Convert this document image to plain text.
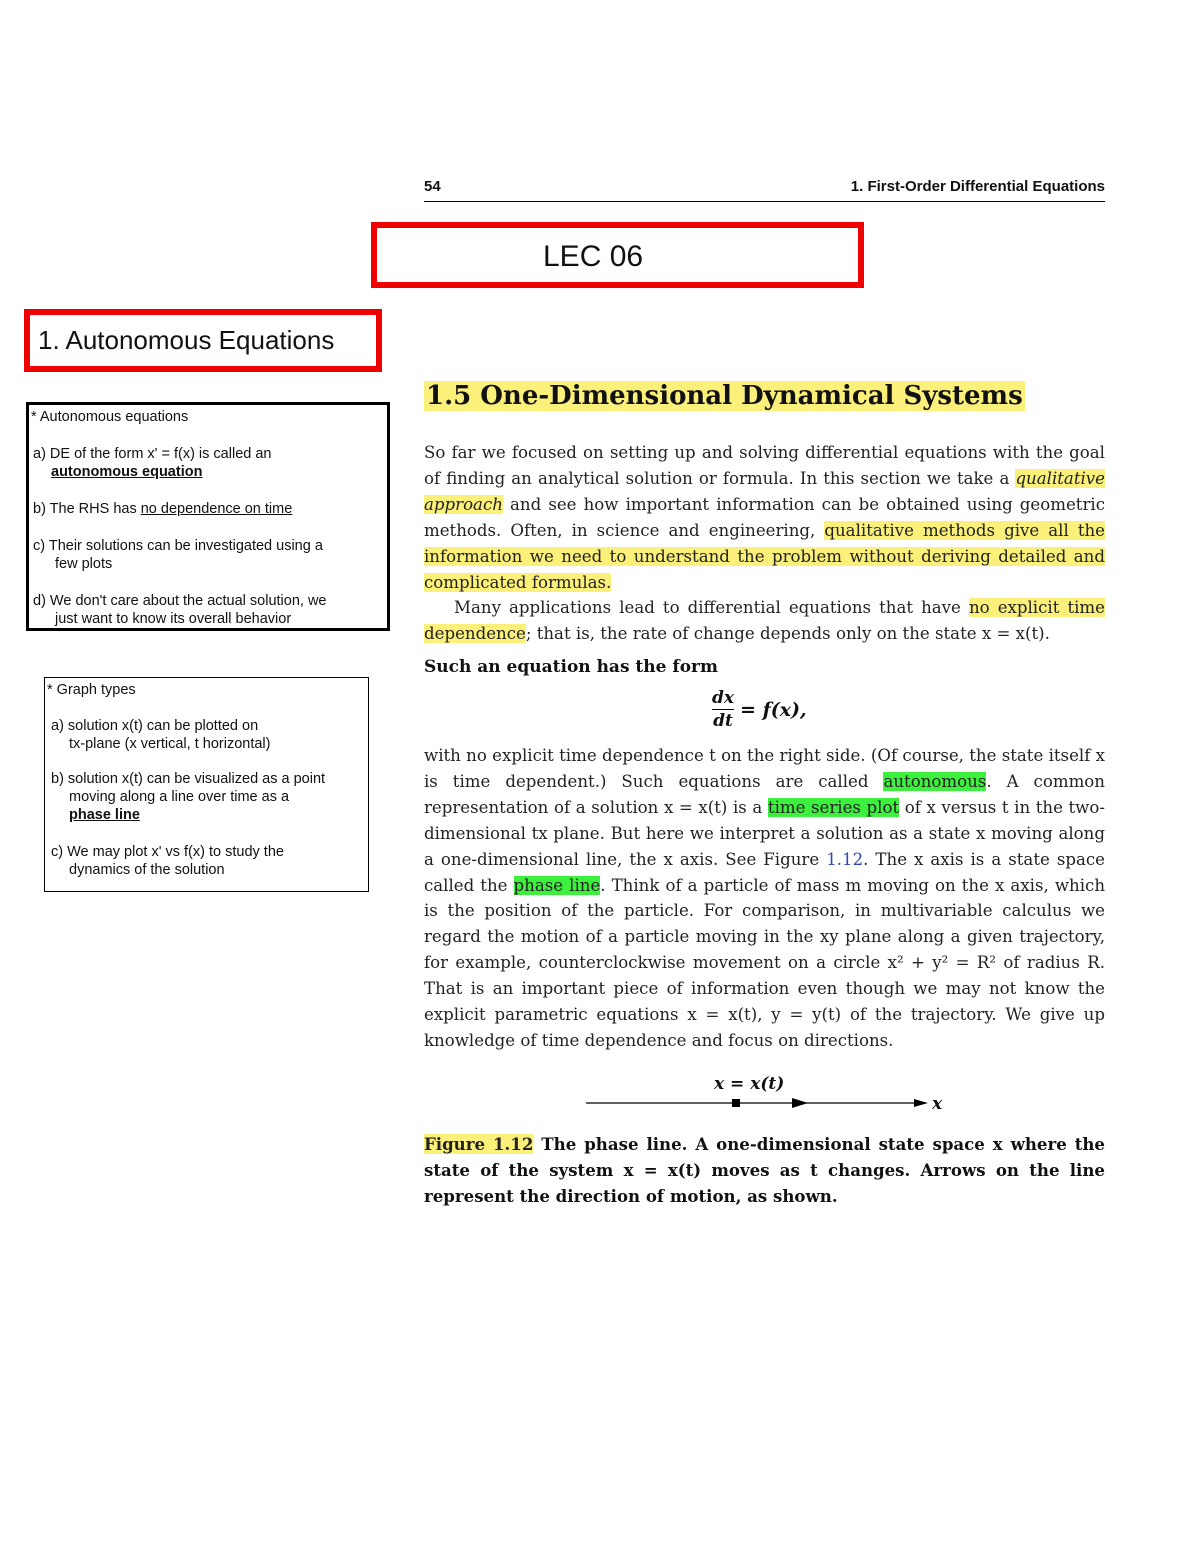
54	1. First-Order Differential Equations
LEC 06
1. Autonomous Equations

* Autonomous equations

a) DE of the form x' = f(x) is called an

autonomous equation

b) The RHS has no dependence on time

c) Their solutions can be investigated using a

few plots

d) We don't care about the actual solution, we

just want to know its overall behavior

* Graph types

a) solution x(t) can be plotted on

tx-plane (x vertical, t horizontal)

b) solution x(t) can be visualized as a point

moving along a line over time as a

phase line

c) We may plot x' vs f(x) to study the

dynamics of the solution

1.5 One-Dimensional Dynamical Systems
So far we focused on setting up and solving differential equations with the goal of finding an analytical solution or formula. In this section we take a qualitative approach and see how important information can be obtained using geometric methods. Often, in science and engineering, qualitative methods give all the information we need to understand the problem without deriving detailed and complicated formulas.
Many applications lead to differential equations that have no explicit time dependence; that is, the rate of change depends only on the state x = x(t).
Such an equation has the form
$\frac{dx}{dt} = f(x)$,
with no explicit time dependence t on the right side. (Of course, the state itself x is time dependent.) Such equations are called autonomous. A common representation of a solution x = x(t) is a time series plot of x versus t in the two-dimensional tx plane. But here we interpret a solution as a state x moving along a one-dimensional line, the x axis. See Figure 1.12. The x axis is a state space called the phase line. Think of a particle of mass m moving on the x axis, which is the position of the particle. For comparison, in multivariable calculus we regard the motion of a particle moving in the xy plane along a given trajectory, for example, counterclockwise movement on a circle x² + y² = R² of radius R. That is an important piece of information even though we may not know the explicit parametric equations x = x(t), y = y(t) of the trajectory. We give up knowledge of time dependence and focus on directions.
x = x(t)
x
Figure 1.12 The phase line. A one-dimensional state space x where the state of the system x = x(t) moves as t changes. Arrows on the line represent the direction of motion, as shown.
